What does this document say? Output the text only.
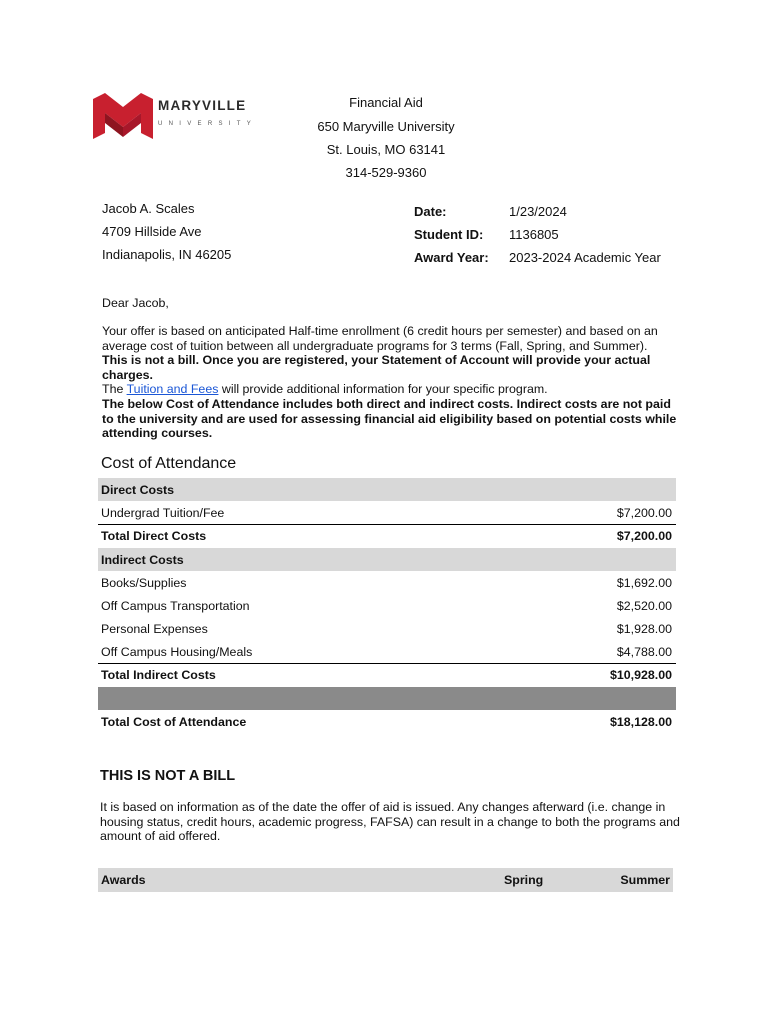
MARYVILLE
UNIVERSITY
Financial Aid
650 Maryville University
St. Louis, MO 63141
314-529-9360
Jacob A. Scales
4709 Hillside Ave
Indianapolis, IN 46205
Date:	1/23/2024
Student ID: 1136805
Award Year: 2023-2024 Academic Year
Dear Jacob,

Your offer is based on anticipated Half-time enrollment (6 credit hours per semester) and based on an average cost of tuition between all undergraduate programs for 3 terms (Fall, Spring, and Summer).

This is not a bill. Once you are registered, your Statement of Account will provide your actual charges.

The Tuition and Fees will provide additional information for your specific program.

The below Cost of Attendance includes both direct and indirect costs. Indirect costs are not paid to the university and are used for assessing financial aid eligibility based on potential costs while attending courses.

Cost of Attendance
Direct Costs
Undergrad Tuition/Fee	$7,200.00
Total Direct Costs	$7,200.00
Indirect Costs
Books/Supplies	$1,692.00
Off Campus Transportation	$2,520.00
Personal Expenses	$1,928.00
Off Campus Housing/Meals	$4,788.00
Total Indirect Costs	$10,928.00
Total Cost of Attendance	$18,128.00
THIS IS NOT A BILL
It is based on information as of the date the offer of aid is issued. Any changes afterward (i.e. change in housing status, credit hours, academic progress, FAFSA) can result in a change to both the programs and amount of aid offered.
Awards	Spring	Summer
